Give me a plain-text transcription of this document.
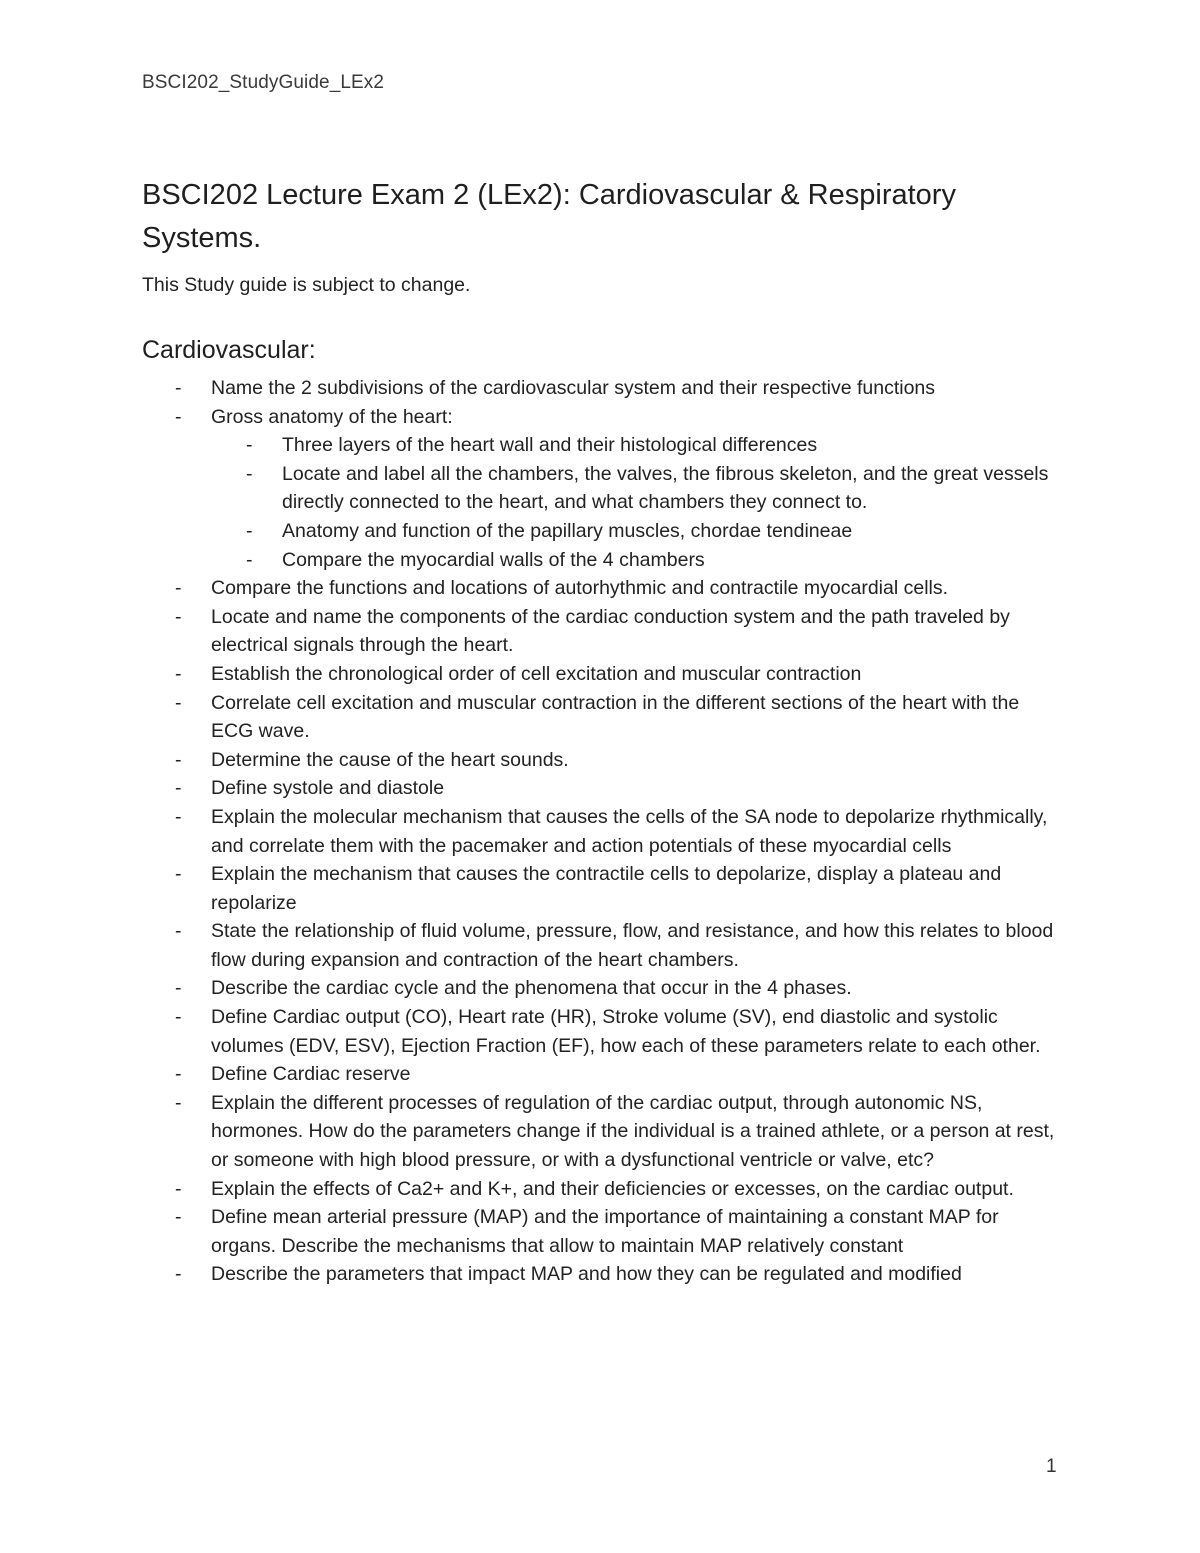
BSCI202_StudyGuide_LEx2
BSCI202 Lecture Exam 2 (LEx2): Cardiovascular & Respiratory Systems.

This Study guide is subject to change.

Cardiovascular:
- Name the 2 subdivisions of the cardiovascular system and their respective functions
- Gross anatomy of the heart:
- Three layers of the heart wall and their histological differences
- Locate and label all the chambers, the valves, the fibrous skeleton, and the great vessels directly connected to the heart, and what chambers they connect to.
- Anatomy and function of the papillary muscles, chordae tendineae
- Compare the myocardial walls of the 4 chambers
- Compare the functions and locations of autorhythmic and contractile myocardial cells.
- Locate and name the components of the cardiac conduction system and the path traveled by electrical signals through the heart.
- Establish the chronological order of cell excitation and muscular contraction
- Correlate cell excitation and muscular contraction in the different sections of the heart with the ECG wave.
- Determine the cause of the heart sounds.
- Define systole and diastole
- Explain the molecular mechanism that causes the cells of the SA node to depolarize rhythmically, and correlate them with the pacemaker and action potentials of these myocardial cells
- Explain the mechanism that causes the contractile cells to depolarize, display a plateau and repolarize
- State the relationship of fluid volume, pressure, flow, and resistance, and how this relates to blood flow during expansion and contraction of the heart chambers.
- Describe the cardiac cycle and the phenomena that occur in the 4 phases.
- Define Cardiac output (CO), Heart rate (HR), Stroke volume (SV), end diastolic and systolic volumes (EDV, ESV), Ejection Fraction (EF), how each of these parameters relate to each other.
- Define Cardiac reserve
- Explain the different processes of regulation of the cardiac output, through autonomic NS, hormones. How do the parameters change if the individual is a trained athlete, or a person at rest, or someone with high blood pressure, or with a dysfunctional ventricle or valve, etc?
- Explain the effects of Ca2+ and K+, and their deficiencies or excesses, on the cardiac output.
- Define mean arterial pressure (MAP) and the importance of maintaining a constant MAP for organs. Describe the mechanisms that allow to maintain MAP relatively constant
- Describe the parameters that impact MAP and how they can be regulated and modified
1
